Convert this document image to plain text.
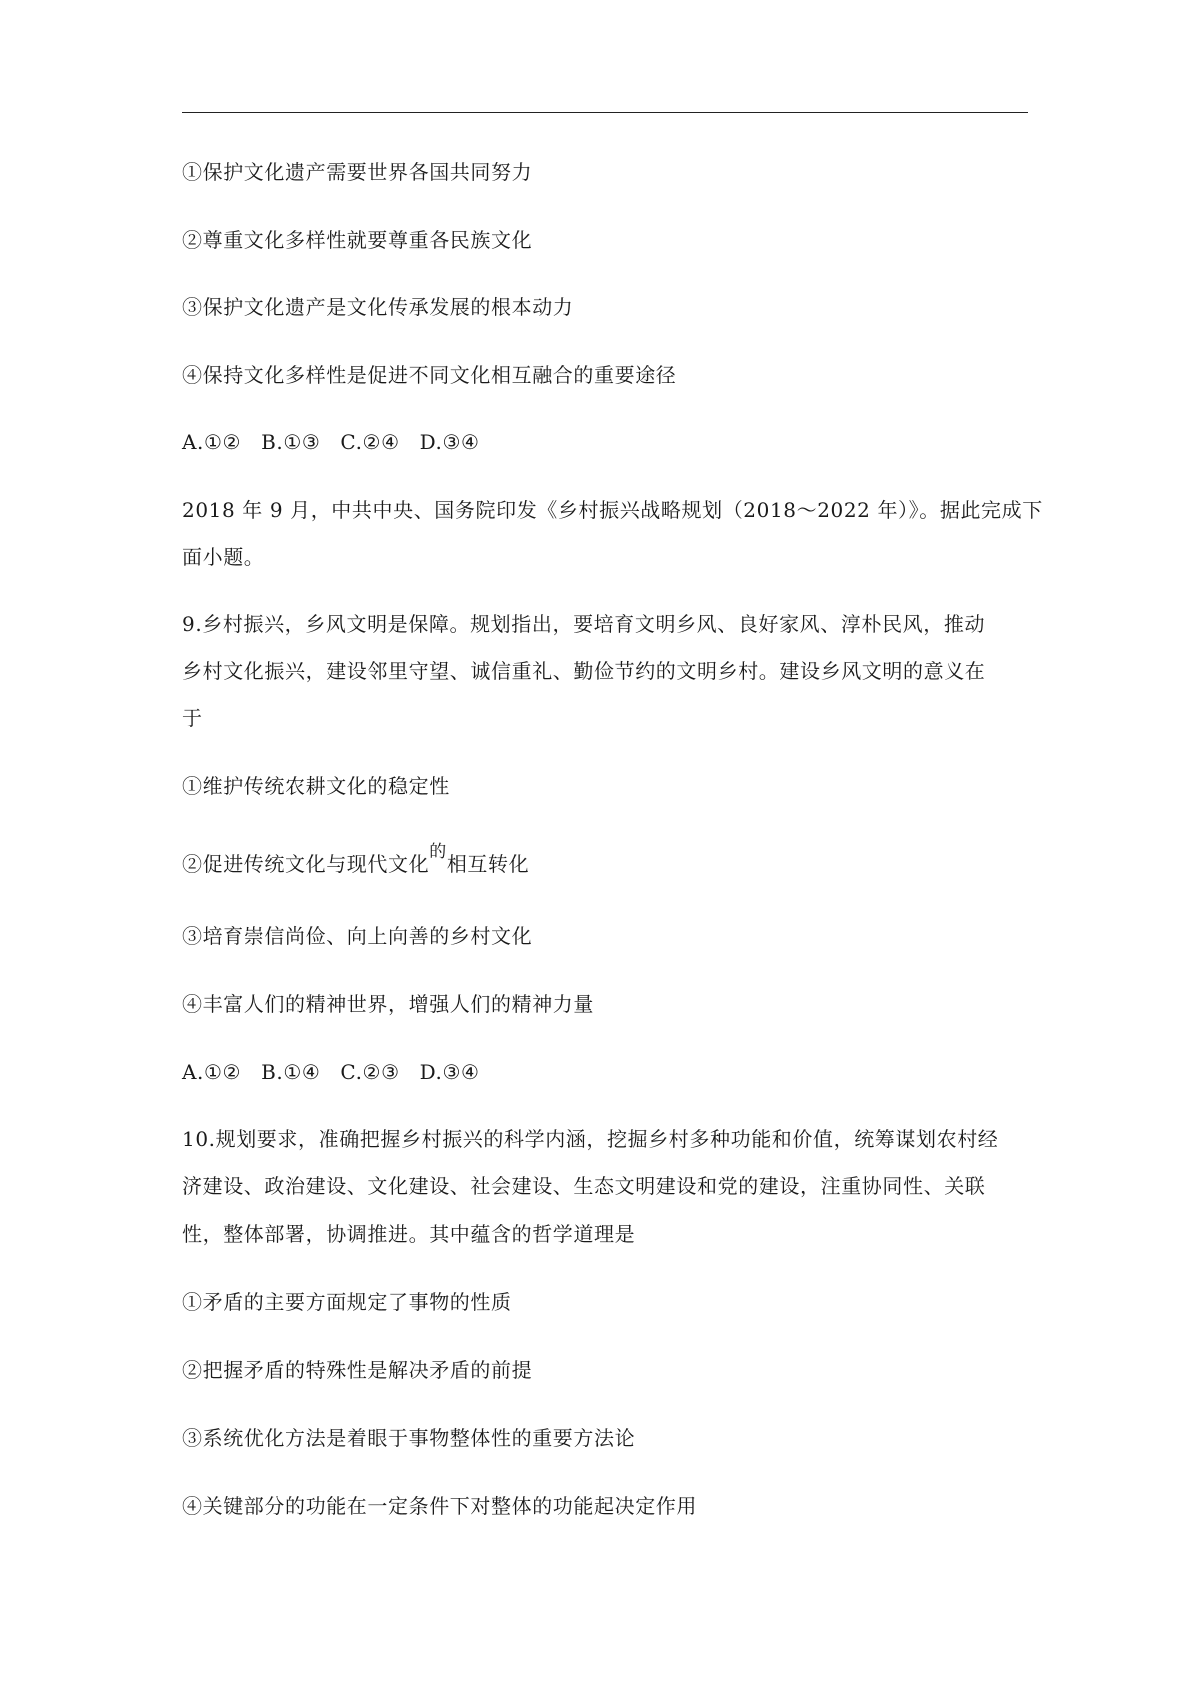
①保护文化遗产需要世界各国共同努力
②尊重文化多样性就要尊重各民族文化
③保护文化遗产是文化传承发展的根本动力
④保持文化多样性是促进不同文化相互融合的重要途径
A.①② B.①③ C.②④ D.③④
2018 年 9 月，中共中央、国务院印发《乡村振兴战略规划（2018～2022 年）》。据此完成下
面小题。
9.乡村振兴，乡风文明是保障。规划指出，要培育文明乡风、良好家风、淳朴民风，推动
乡村文化振兴，建设邻里守望、诚信重礼、勤俭节约的文明乡村。建设乡风文明的意义在
于
①维护传统农耕文化的稳定性
②促进传统文化与现代文化$^的$相互转化
③培育崇信尚俭、向上向善的乡村文化
④丰富人们的精神世界，增强人们的精神力量
A.①② B.①④ C.②③ D.③④
10.规划要求，准确把握乡村振兴的科学内涵，挖掘乡村多种功能和价值，统筹谋划农村经
济建设、政治建设、文化建设、社会建设、生态文明建设和党的建设，注重协同性、关联
性，整体部署，协调推进。其中蕴含的哲学道理是
①矛盾的主要方面规定了事物的性质
②把握矛盾的特殊性是解决矛盾的前提
③系统优化方法是着眼于事物整体性的重要方法论
④关键部分的功能在一定条件下对整体的功能起决定作用
